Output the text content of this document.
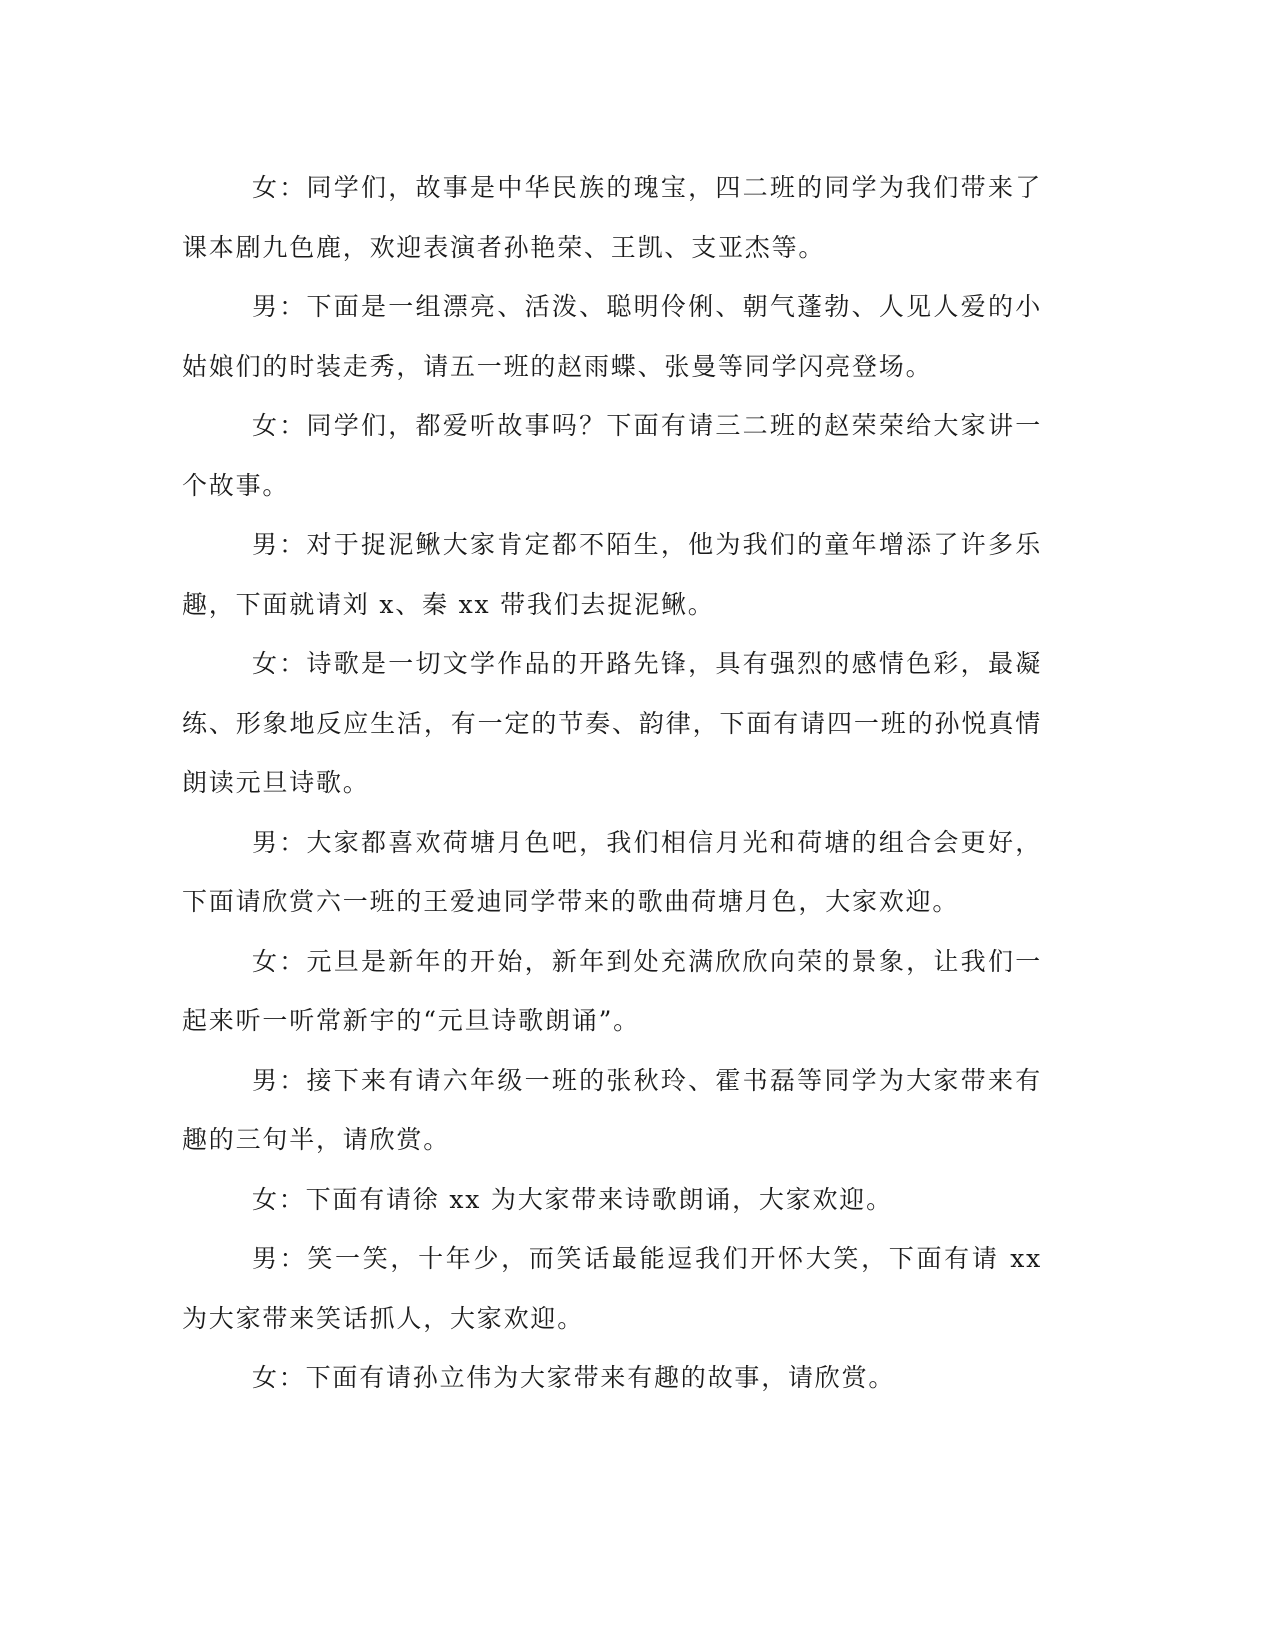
女：同学们，故事是中华民族的瑰宝，四二班的同学为我们带来了课本剧九色鹿，欢迎表演者孙艳荣、王凯、支亚杰等。

男：下面是一组漂亮、活泼、聪明伶俐、朝气蓬勃、人见人爱的小姑娘们的时装走秀，请五一班的赵雨蝶、张曼等同学闪亮登场。

女：同学们，都爱听故事吗？下面有请三二班的赵荣荣给大家讲一个故事。

男：对于捉泥鳅大家肯定都不陌生，他为我们的童年增添了许多乐趣，下面就请刘 x、秦 xx 带我们去捉泥鳅。

女：诗歌是一切文学作品的开路先锋，具有强烈的感情色彩，最凝练、形象地反应生活，有一定的节奏、韵律，下面有请四一班的孙悦真情朗读元旦诗歌。

男：大家都喜欢荷塘月色吧，我们相信月光和荷塘的组合会更好，下面请欣赏六一班的王爱迪同学带来的歌曲荷塘月色，大家欢迎。

女：元旦是新年的开始，新年到处充满欣欣向荣的景象，让我们一起来听一听常新宇的“元旦诗歌朗诵”。

男：接下来有请六年级一班的张秋玲、霍书磊等同学为大家带来有趣的三句半，请欣赏。

女：下面有请徐 xx 为大家带来诗歌朗诵，大家欢迎。

男：笑一笑，十年少，而笑话最能逗我们开怀大笑，下面有请 xx 为大家带来笑话抓人，大家欢迎。

女：下面有请孙立伟为大家带来有趣的故事，请欣赏。
